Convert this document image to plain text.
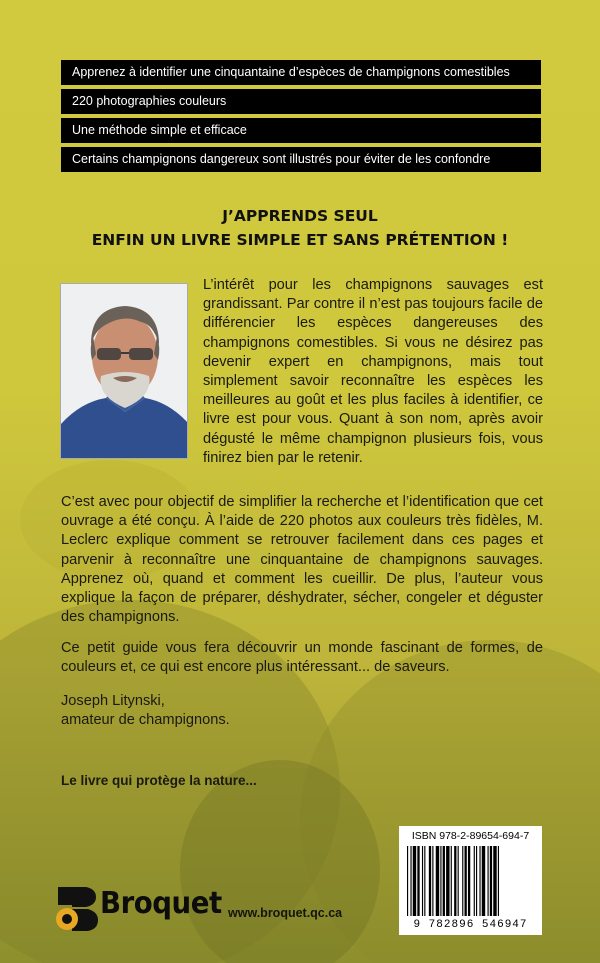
Apprenez à identifier une cinquantaine d’espèces de champignons comestibles
220 photographies couleurs
Une méthode simple et efficace
Certains champignons dangereux sont illustrés pour éviter de les confondre
J’APPRENDS SEUL
ENFIN UN LIVRE SIMPLE ET SANS PRÉTENTION !
L’intérêt pour les champignons sauvages est grandissant. Par contre il n’est pas toujours facile de différencier les espèces dangereuses des champignons comestibles. Si vous ne désirez pas devenir expert en champignons, mais tout simplement savoir reconnaître les espèces les meilleures au goût et les plus faciles à identifier, ce livre est pour vous. Quant à son nom, après avoir dégusté le même champignon plusieurs fois, vous finirez bien par le retenir.
C’est avec pour objectif de simplifier la recherche et l’identification que cet ouvrage a été conçu. À l’aide de 220 photos aux couleurs très fidèles, M. Leclerc explique comment se retrouver facilement dans ces pages et parvenir à reconnaître une cinquantaine de champignons sauvages. Apprenez où, quand et comment les cueillir. De plus, l’auteur vous explique la façon de préparer, déshydrater, sécher, congeler et déguster des champignons.
Ce petit guide vous fera découvrir un monde fascinant de formes, de couleurs et, ce qui est encore plus intéressant... de saveurs.
Joseph Litynski,
amateur de champignons.
Le livre qui protège la nature...
ISBN 978-2-89654-694-7
9 782896 546947
Broquet www.broquet.qc.ca
